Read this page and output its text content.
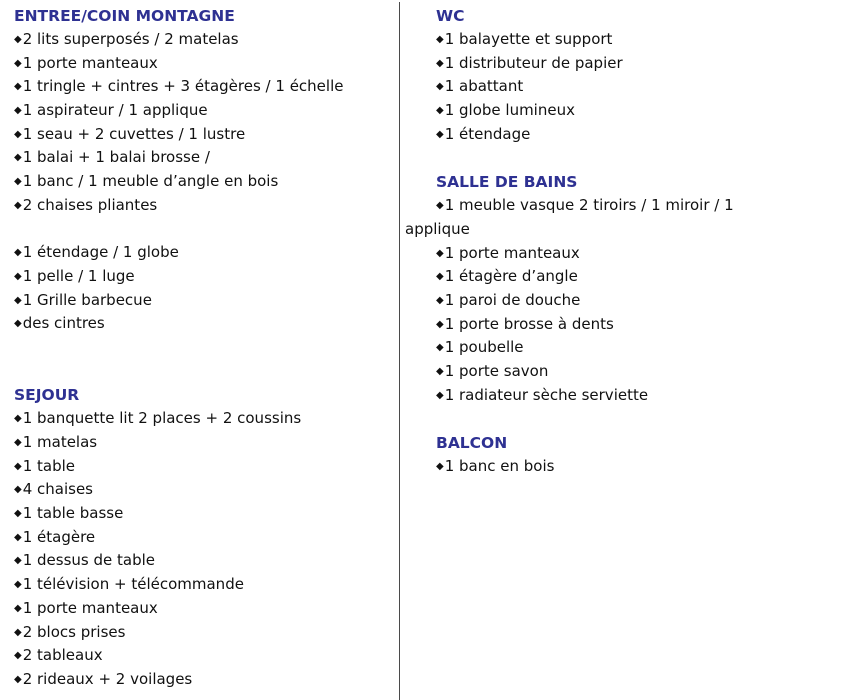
ENTREE/COIN MONTAGNE
◆2 lits superposés / 2 matelas
◆1 porte manteaux
◆1 tringle + cintres + 3 étagères / 1 échelle
◆1 aspirateur / 1 applique
◆1 seau + 2 cuvettes / 1 lustre
◆1 balai + 1 balai brosse /
◆1 banc / 1 meuble d’angle en bois
◆2 chaises pliantes
◆1 étendage / 1 globe
◆1 pelle / 1 luge
◆1 Grille barbecue
◆des cintres
SEJOUR
◆1 banquette lit 2 places + 2 coussins
◆1 matelas
◆1 table
◆4 chaises
◆1 table basse
◆1 étagère
◆1 dessus de table
◆1 télévision + télécommande
◆1 porte manteaux
◆2 blocs prises
◆2 tableaux
◆2 rideaux + 2 voilages
WC
◆1 balayette et support
◆1 distributeur de papier
◆1 abattant
◆1 globe lumineux
◆1 étendage
SALLE DE BAINS
◆1 meuble vasque 2 tiroirs / 1 miroir / 1
applique
◆1 porte manteaux
◆1 étagère d’angle
◆1 paroi de douche
◆1 porte brosse à dents
◆1 poubelle
◆1 porte savon
◆1 radiateur sèche serviette
BALCON
◆1 banc en bois
